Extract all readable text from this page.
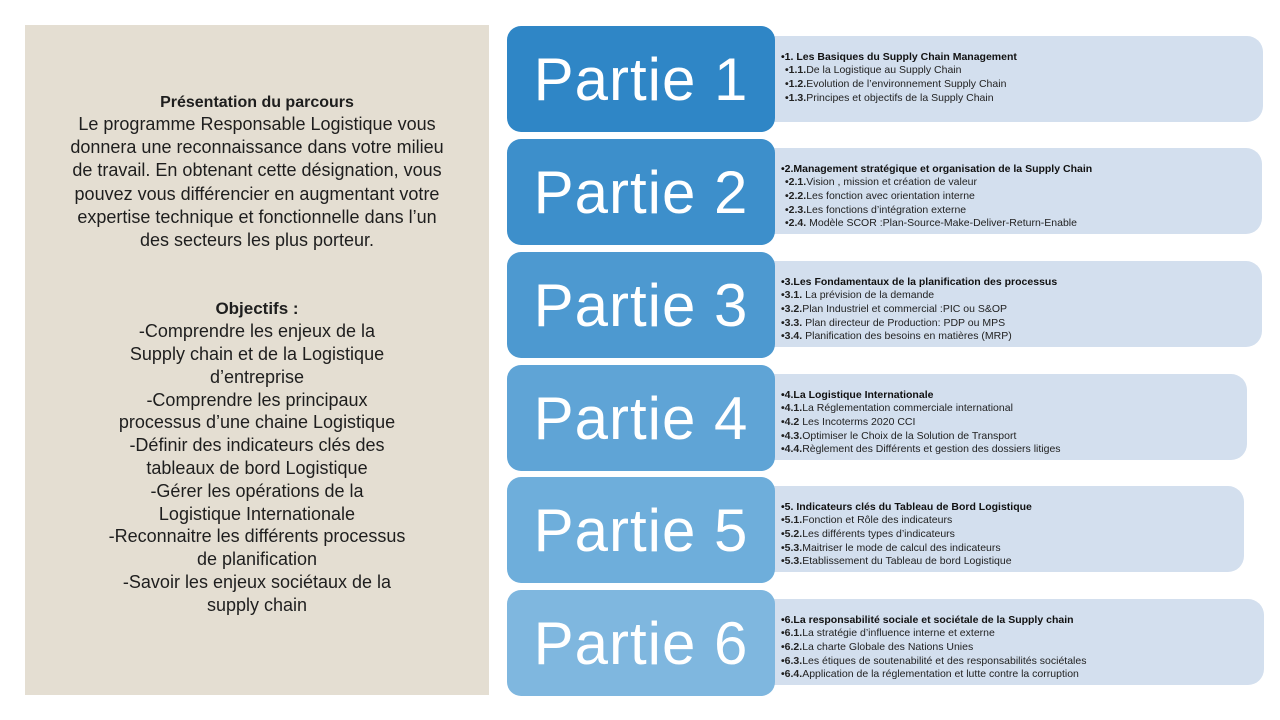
Présentation du parcours

Le programme Responsable Logistique vous donnera une reconnaissance dans votre milieu de travail. En obtenant cette désignation, vous pouvez vous différencier en augmentant votre expertise technique et fonctionnelle dans l’un des secteurs les plus porteur.

Objectifs :
-Comprendre les enjeux de la
Supply chain et de la Logistique
d’entreprise
-Comprendre les principaux
processus d’une chaine Logistique
-Définir des indicateurs clés des
tableaux de bord Logistique
-Gérer les opérations de la
Logistique Internationale
-Reconnaitre les différents processus
de planification
-Savoir les enjeux sociétaux de la
supply chain
•1. Les Basiques du Supply Chain Management
•1.1.De la Logistique au Supply Chain
•1.2.Evolution de l’environnement Supply Chain
•1.3.Principes et objectifs de la Supply Chain
Partie 1
•2.Management stratégique et organisation de la Supply Chain
•2.1.Vision , mission et création de valeur
•2.2.Les fonction avec orientation interne
•2.3.Les fonctions d’intégration externe
•2.4. Modèle SCOR :Plan-Source-Make-Deliver-Return-Enable
Partie 2
•3.Les Fondamentaux de la planification des processus
•3.1. La prévision de la demande
•3.2.Plan Industriel et commercial :PIC ou S&OP
•3.3. Plan directeur de Production: PDP ou MPS
•3.4. Planification des besoins en matières (MRP)
Partie 3
•4.La Logistique Internationale
•4.1.La Réglementation commerciale international
•4.2 Les Incoterms 2020 CCI
•4.3.Optimiser le Choix de la Solution de Transport
•4.4.Règlement des Différents et gestion des dossiers litiges
Partie 4
•5. Indicateurs clés du Tableau de Bord Logistique
•5.1.Fonction et Rôle des indicateurs
•5.2.Les différents types d’indicateurs
•5.3.Maitriser le mode de calcul des indicateurs
•5.3.Etablissement du Tableau de bord Logistique
Partie 5
•6.La responsabilité sociale et sociétale de la Supply chain
•6.1.La stratégie d’influence interne et externe
•6.2.La charte Globale des Nations Unies
•6.3.Les étiques de soutenabilité et des responsabilités sociétales
•6.4.Application de la réglementation et lutte contre la corruption
Partie 6
